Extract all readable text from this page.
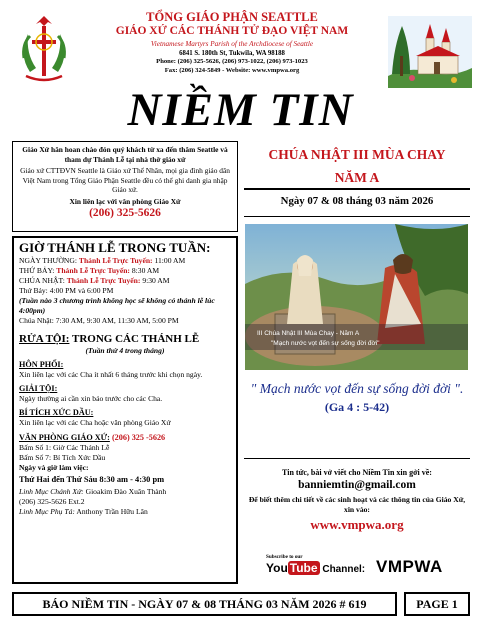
TỔNG GIÁO PHẬN SEATTLE
GIÁO XỨ CÁC THÁNH TỬ ĐẠO VIỆT NAM
Vietnamese Martyrs Parish of the Archdiocese of Seattle
6841 S. 180th St, Tukwila, WA 98188
Phone: (206) 325-5626, (206) 973-1022, (206) 973-1023
Fax: (206) 324-5849 - Website: www.vmpwa.org
NIỀM TIN
Giáo Xứ hân hoan chào đón quý khách từ xa đến thăm Seattle và tham dự Thánh Lễ tại nhà thờ giáo xứ
Giáo xứ CTTĐVN Seattle là Giáo xứ Thể Nhân, mọi gia đình giáo dân Việt Nam trong Tổng Giáo Phận Seattle đều có thể ghi danh gia nhập Giáo xứ.
Xin liên lạc với văn phòng Giáo Xứ
(206) 325-5626
GIỜ THÁNH LỄ TRONG TUẦN:

NGÀY THƯỜNG: Thánh Lễ Trực Tuyến: 11:00 AM

THỨ BẢY: Thánh Lễ Trực Tuyến: 8:30 AM

CHÚA NHẬT: Thánh Lễ Trực Tuyến: 9:30 AM

Thứ Bảy: 4:00 PM và 6:00 PM

(Tuần nào 3 chương trình không học sẽ không có thánh lễ lúc 4:00pm)

Chúa Nhật: 7:30 AM, 9:30 AM, 11:30 AM, 5:00 PM

RỬA TỘI: TRONG CÁC THÁNH LỄ

(Tuần thứ 4 trong tháng)

HÔN PHỐI:

Xin liên lạc với các Cha ít nhất 6 tháng trước khi chọn ngày.

GIẢI TỘI:

Ngày thường ai cần xin báo trước cho các Cha.

BÍ TÍCH XỨC DẦU:

Xin liên lạc với các Cha hoặc văn phòng Giáo Xứ

VĂN PHÒNG GIÁO XỨ: (206) 325 -5626

Bấm Số 1: Giờ Các Thánh Lễ

Bấm Số 7: Bí Tích Xức Dầu

Ngày và giờ làm việc:

Thứ Hai đến Thứ Sáu 8:30 am - 4:30 pm

Linh Mục Chánh Xứ: Gioakim Đào Xuân Thành

(206) 325-5626 Ext.2

Linh Mục Phụ Tá: Anthony Trần Hữu Lân

CHÚA NHẬT III MÙA CHAY
NĂM A
Ngày 07 & 08 tháng 03 năm 2026
III Chúa Nhật III Mùa Chay - Năm A
"Mạch nước vọt đến sự sống đời đời"
" Mạch nước vọt đến sự sống đời đời ".
(Ga 4 : 5-42)
Tin tức, bài vở viết cho Niềm Tin xin gởi về:
banniemtin@gmail.com
Để biết thêm chi tiết về các sinh hoạt và các thông tin của Giáo Xứ, xin vào:
www.vmpwa.org
Subscribe to our
You Tube Channel: VMPWA
BÁO NIỀM TIN - NGÀY 07 & 08 THÁNG 03 NĂM 2026 # 619	PAGE 1
